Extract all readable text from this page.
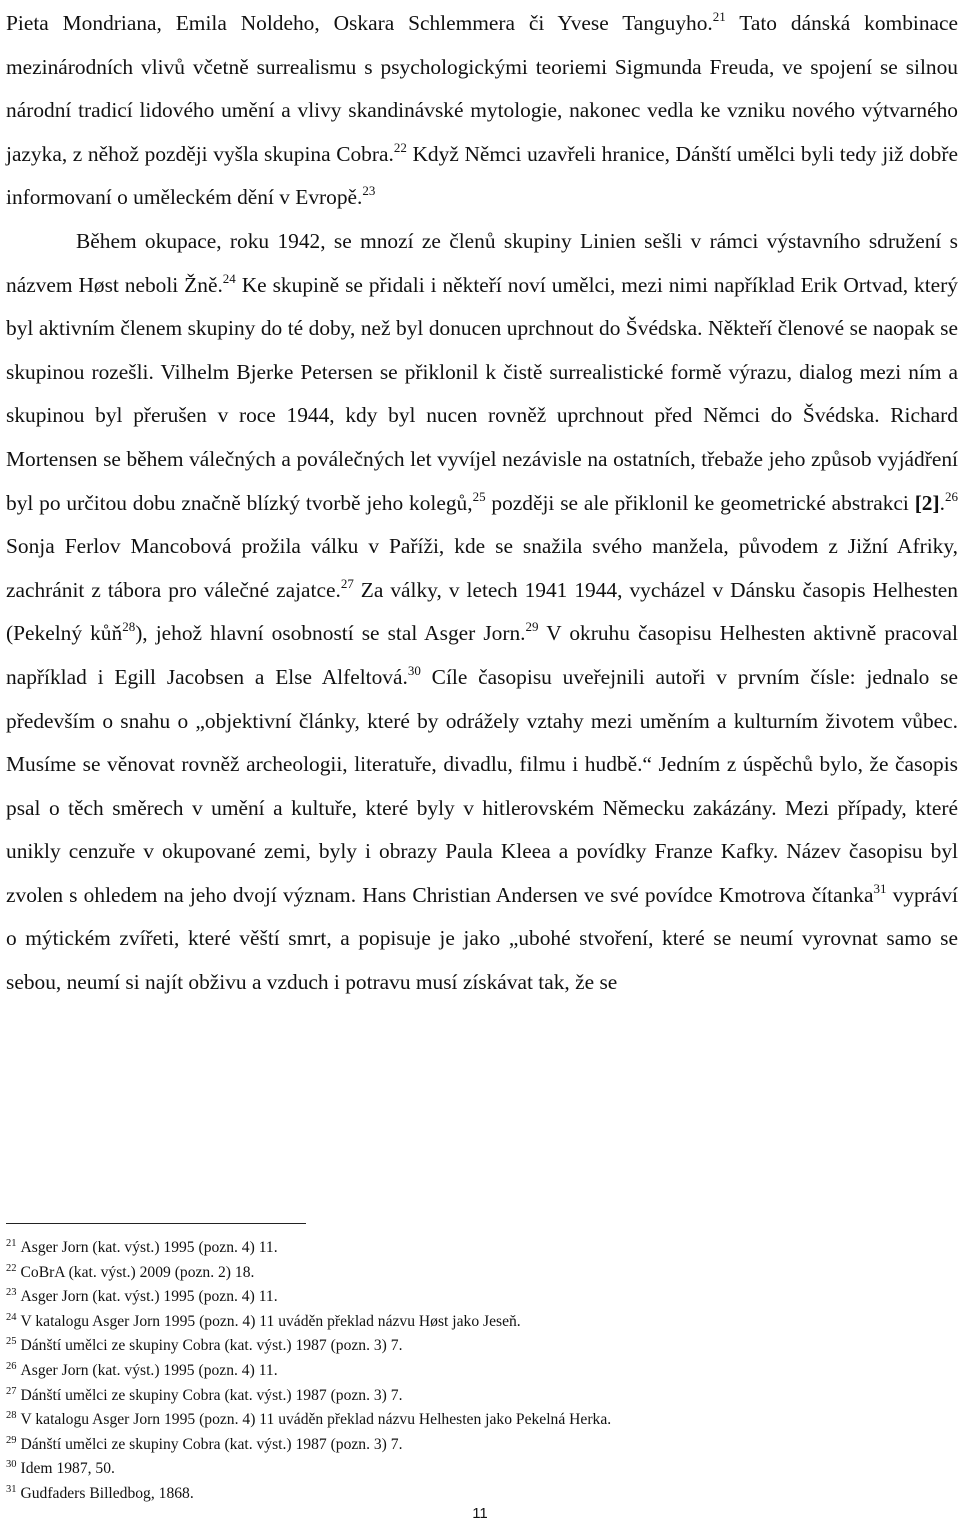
Pieta Mondriana, Emila Noldeho, Oskara Schlemmera či Yvese Tanguyho.$^{21}$ Tato dánská kombinace mezinárodních vlivů včetně surrealismu s psychologickými teoriemi Sigmunda Freuda, ve spojení se silnou národní tradicí lidového umění a vlivy skandinávské mytologie, nakonec vedla ke vzniku nového výtvarného jazyka, z něhož později vyšla skupina Cobra.$^{22}$ Když Němci uzavřeli hranice, Dánští umělci byli tedy již dobře informovaní o uměleckém dění v Evropě.$^{23}$

Během okupace, roku 1942, se mnozí ze členů skupiny Linien sešli v rámci výstavního sdružení s názvem Høst neboli Žně.$^{24}$ Ke skupině se přidali i někteří noví umělci, mezi nimi například Erik Ortvad, který byl aktivním členem skupiny do té doby, než byl donucen uprchnout do Švédska. Někteří členové se naopak se skupinou rozešli. Vilhelm Bjerke Petersen se přiklonil k čistě surrealistické formě výrazu, dialog mezi ním a skupinou byl přerušen v roce 1944, kdy byl nucen rovněž uprchnout před Němci do Švédska. Richard Mortensen se během válečných a poválečných let vyvíjel nezávisle na ostatních, třebaže jeho způsob vyjádření byl po určitou dobu značně blízký tvorbě jeho kolegů,$^{25}$ později se ale přiklonil ke geometrické abstrakci [2].$^{26}$ Sonja Ferlov Mancobová prožila válku v Paříži, kde se snažila svého manžela, původem z Jižní Afriky, zachránit z tábora pro válečné zajatce.$^{27}$ Za války, v letech 1941 1944, vycházel v Dánsku časopis Helhesten (Pekelný kůň$^{28}$), jehož hlavní osobností se stal Asger Jorn.$^{29}$ V okruhu časopisu Helhesten aktivně pracoval například i Egill Jacobsen a Else Alfeltová.$^{30}$ Cíle časopisu uveřejnili autoři v prvním čísle: jednalo se především o snahu o „objektivní články, které by odrážely vztahy mezi uměním a kulturním životem vůbec. Musíme se věnovat rovněž archeologii, literatuře, divadlu, filmu i hudbě.“ Jedním z úspěchů bylo, že časopis psal o těch směrech v umění a kultuře, které byly v hitlerovském Německu zakázány. Mezi případy, které unikly cenzuře v okupované zemi, byly i obrazy Paula Kleea a povídky Franze Kafky. Název časopisu byl zvolen s ohledem na jeho dvojí význam. Hans Christian Andersen ve své povídce Kmotrova čítanka$^{31}$ vypráví o mýtickém zvířeti, které věští smrt, a popisuje je jako „ubohé stvoření, které se neumí vyrovnat samo se sebou, neumí si najít obživu a vzduch i potravu musí získávat tak, že se

$^{21}$ Asger Jorn (kat. výst.) 1995 (pozn. 4) 11.
$^{22}$ CoBrA (kat. výst.) 2009 (pozn. 2) 18.
$^{23}$ Asger Jorn (kat. výst.) 1995 (pozn. 4) 11.
$^{24}$ V katalogu Asger Jorn 1995 (pozn. 4) 11 uváděn překlad názvu Høst jako Jeseň.
$^{25}$ Dánští umělci ze skupiny Cobra (kat. výst.) 1987 (pozn. 3) 7.
$^{26}$ Asger Jorn (kat. výst.) 1995 (pozn. 4) 11.
$^{27}$ Dánští umělci ze skupiny Cobra (kat. výst.) 1987 (pozn. 3) 7.
$^{28}$ V katalogu Asger Jorn 1995 (pozn. 4) 11 uváděn překlad názvu Helhesten jako Pekelná Herka.
$^{29}$ Dánští umělci ze skupiny Cobra (kat. výst.) 1987 (pozn. 3) 7.
$^{30}$ Idem 1987, 50.
$^{31}$ Gudfaders Billedbog, 1868.
11
